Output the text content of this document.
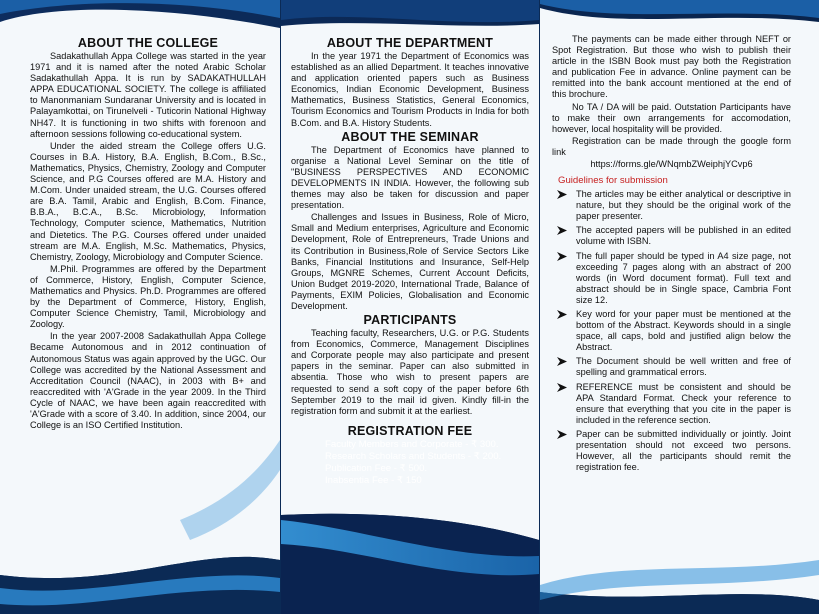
ABOUT THE COLLEGE

Sadakathullah Appa College was started in the year 1971 and it is named after the noted Arabic Scholar Sadakathullah Appa. It is run by SADAKATHULLAH APPA EDUCATIONAL SOCIETY. The college is affiliated to Manonmaniam Sundaranar University and is located in Palayamkottai, on Tirunelveli - Tuticorin National Highway NH47. It is functioning in two shifts with forenoon and afternoon sessions following co-educational system.

Under the aided stream the College offers U.G. Courses in B.A. History, B.A. English, B.Com., B.Sc., Mathematics, Physics, Chemistry, Zoology and Computer Science, and P.G Courses offered are M.A. History and M.Com. Under unaided stream, the U.G. Courses offered are B.A. Tamil, Arabic and English, B.Com. Finance, B.B.A., B.C.A., B.Sc. Microbiology, Information Technology, Computer science, Mathematics, Nutrition and Dietetics. The P.G. Courses offered under unaided stream are M.A. English, M.Sc. Mathematics, Physics, Chemistry, Zoology, Microbiology and Computer Science.

M.Phil. Programmes are offered by the Department of Commerce, History, English, Computer Science, Mathematics and Physics. Ph.D. Programmes are offered by the Department of Commerce, History, English, Computer Science Chemistry, Tamil, Microbiology and Zoology.

In the year 2007-2008 Sadakathullah Appa College Became Autonomous and in 2012 continuation of Autonomous Status was again approved by the UGC. Our College was accredited by the National Assessment and Accreditation Council (NAAC), in 2003 with B+ and reaccredited with 'A'Grade in the year 2009. In the Third Cycle of NAAC, we have been again reaccredited with 'A'Grade with a score of 3.40. In addition, since 2004, our College is an ISO Certified Institution.

ABOUT THE DEPARTMENT

In the year 1971 the Department of Economics was established as an allied Department. It teaches innovative and application oriented papers such as Business Economics, Indian Economic Development, Business Mathematics, Business Statistics, General Economics, Tourism Economics and Tourism Products in India for both B.Com. and B.A. History Students.

ABOUT THE SEMINAR

The Department of Economics have planned to organise a National Level Seminar on the title of "BUSINESS PERSPECTIVES AND ECONOMIC DEVELOPMENTS IN INDIA. However, the following sub themes may also be taken for discussion and paper presentation.

Challenges and Issues in Business, Role of Micro, Small and Medium enterprises, Agriculture and Economic Development, Role of Entrepreneurs, Trade Unions and its Contribution in Business,Role of Service Sectors Like Banks, Financial Institutions and Insurance, Self-Help Groups, MGNRE Schemes, Current Account Deficits, Union Budget 2019-2020, International Trade, Balance of Payments, EXIM Policies, Globalisation and Economic Development.

PARTICIPANTS

Teaching faculty, Researchers, U.G. or P.G. Students from Economics, Commerce, Management Disciplines and Corporate people may also participate and present papers in the seminar. Paper can also submitted in absentia. Those who wish to present papers are requested to send a soft copy of the paper before 6th September 2019 to the mail id given. Kindly fill-in the registration form and submit it at the earliest.

REGISTRATION FEE
Faculty Members and Corporate - ₹ 300.
Research Scholars and Students - ₹ 200.
Publication Fee - ₹ 500.
Inabsentia Fee - ₹ 150

The payments can be made either through NEFT or Spot Registration. But those who wish to publish their article in the ISBN Book must pay both the Registration and publication Fee in advance. Online payment can be remitted into the bank account mentioned at the end of this brochure.

No TA / DA will be paid. Outstation Participants have to make their own arrangements for accomodation, however, local hospitality will be provided.

Registration can be made through the google form link

https://forms.gle/WNqmbZWeiphjYCvp6
Guidelines for submission
The articles may be either analytical or descriptive in nature, but they should be the original work of the paper presenter.
The accepted papers will be published in an edited volume with ISBN.
The full paper should be typed in A4 size page, not exceeding 7 pages along with an abstract of 200 words (in Word document format). Full text and abstract should be in Single space, Cambria Font size 12.
Key word for your paper must be mentioned at the bottom of the Abstract. Keywords should in a single space, all caps, bold and justified align below the Abstract.
The Document should be well written and free of spelling and grammatical errors.
REFERENCE must be consistent and should be APA Standard Format. Check your reference to ensure that everything that you cite in the paper is included in the reference section.
Paper can be submitted individually or jointly. Joint presentation should not exceed two persons. However, all the participants should remit the registration fee.
